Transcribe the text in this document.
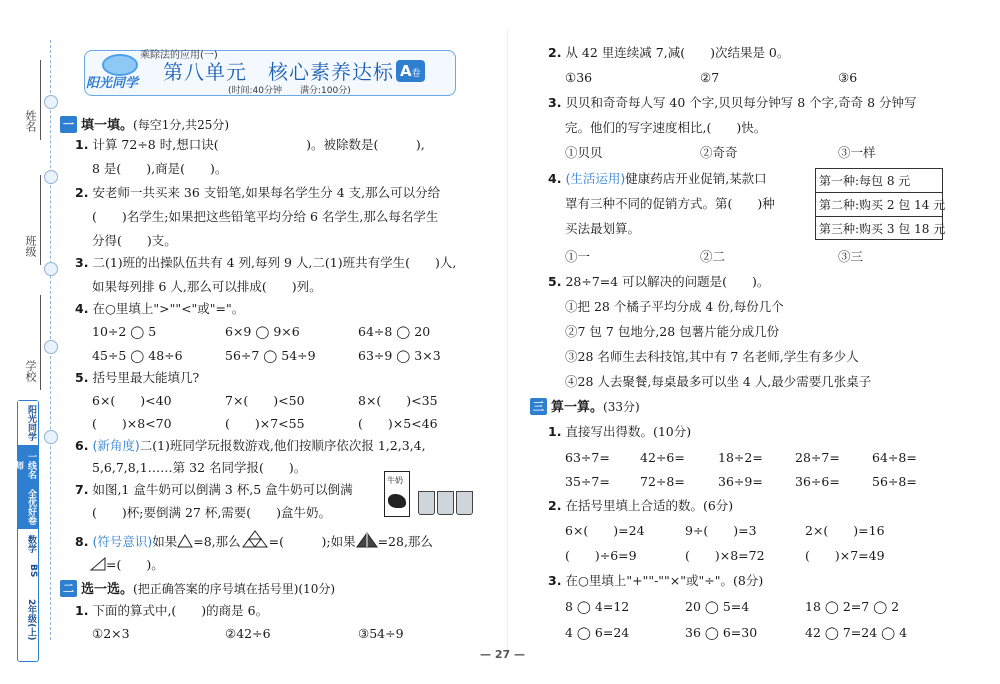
姓名
班级
学校
阳光同学
一线名师
全优好卷
数学
BS
2年级(上)
乘除法的应用(一)
阳光同学 第八单元　核心素养达标 A卷
(时间:40分钟　　满分:100分)
一 填一填。(每空1分,共25分)
1. 计算 72÷8 时,想口诀(　　　　　　　)。被除数是(　　　),
8 是(　　),商是(　　)。
2. 安老师一共买来 36 支铅笔,如果每名学生分 4 支,那么可以分给
(　　)名学生;如果把这些铅笔平均分给 6 名学生,那么每名学生
分得(　　)支。
3. 二(1)班的出操队伍共有 4 列,每列 9 人,二(1)班共有学生(　　)人,
如果每列排 6 人,那么可以排成(　　)列。
4. 在○里填上">""<"或"="。
10÷2 ◯ 5	6×9 ◯ 9×6	64÷8 ◯ 20
45÷5 ◯ 48÷6	56÷7 ◯ 54÷9	63÷9 ◯ 3×3
5. 括号里最大能填几?
6×(　　)<40	7×(　　)<50	8×(　　)<35
(　　)×8<70	(　　)×7<55	(　　)×5<46
6. (新角度)二(1)班同学玩报数游戏,他们按顺序依次报 1,2,3,4,
5,6,7,8,1……第 32 名同学报(　　)。
7. 如图,1 盒牛奶可以倒满 3 杯,5 盒牛奶可以倒满
(　　)杯;要倒满 27 杯,需要(　　)盒牛奶。
牛奶
8. (符号意识)如果 =8,那么 =(　　　);如果 =28,那么
=(　　)。
二 选一选。(把正确答案的序号填在括号里)(10分)
1. 下面的算式中,(　　)的商是 6。
①2×3	②42÷6	③54÷9
2. 从 42 里连续减 7,减(　　)次结果是 0。
①36	②7	③6
3. 贝贝和奇奇每人写 40 个字,贝贝每分钟写 8 个字,奇奇 8 分钟写
完。他们的写字速度相比,(　　)快。
①贝贝	②奇奇	③一样
4. (生活运用)健康药店开业促销,某款口
罩有三种不同的促销方式。第(　　)种
买法最划算。
第一种:每包 8 元
第二种:购买 2 包 14 元
第三种:购买 3 包 18 元
①一	②二	③三
5. 28÷7=4 可以解决的问题是(　　)。
①把 28 个橘子平均分成 4 份,每份几个
②7 包 7 包地分,28 包薯片能分成几份
③28 名师生去科技馆,其中有 7 名老师,学生有多少人
④28 人去聚餐,每桌最多可以坐 4 人,最少需要几张桌子
三 算一算。(33分)
1. 直接写出得数。(10分)
63÷7= 42÷6=	18÷2=	28÷7=	64÷8=
35÷7= 72÷8=	36÷9=	36÷6=	56÷8=
2. 在括号里填上合适的数。(6分)
6×(　　)=24	9÷(　　)=3	2×(　　)=16
(　　)÷6=9	(　　)×8=72	(　　)×7=49
3. 在○里填上"+""-""×"或"÷"。(8分)
8 ◯ 4=12	20 ◯ 5=4	18 ◯ 2=7 ◯ 2
4 ◯ 6=24	36 ◯ 6=30	42 ◯ 7=24 ◯ 4
— 27 —
